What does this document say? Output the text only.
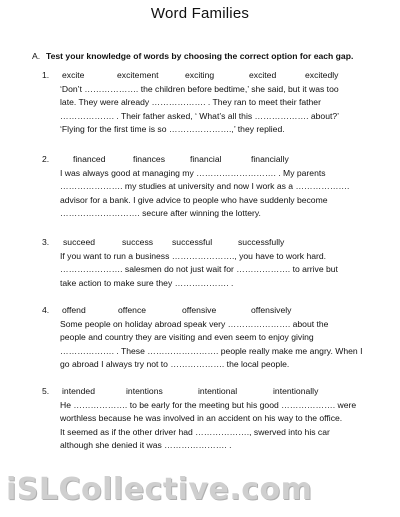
Word Families
A. Test your knowledge of words by choosing the correct option for each gap.
1.	excite	excitement	exciting	excited	excitedly
‘Don’t ………………. the children before bedtime,’ she said, but it was too
late. They were already ………………. . They ran to meet their father
………………. . Their father asked, ‘ What’s all this ………………. about?’
‘Flying for the first time is so ………………….,’ they replied.
2.	financed	finances	financial	financially
I was always good at managing my ………………………. . My parents
…………………. my studies at university and now I work as a ……………….
advisor for a bank. I give advice to people who have suddenly become
………………………. secure after winning the lottery.
3.	succeed	success successful	successfully
If you want to run a business …………………., you have to work hard.
…………………. salesmen do not just wait for ………………. to arrive but
take action to make sure they ………………. .
4.	offend	offence	offensive	offensively
Some people on holiday abroad speak very …………………. about the
people and country they are visiting and even seem to enjoy giving
………………. . These ……………………. people really make me angry. When I
go abroad I always try not to ………………. the local people.
5.	intended	intentions	intentional	intentionally
He ………………. to be early for the meeting but his good ………………. were
worthless because he was involved in an accident on his way to the office.
It seemed as if the other driver had ………………., swerved into his car
although she denied it was …………………. .
iSLCollective.com
